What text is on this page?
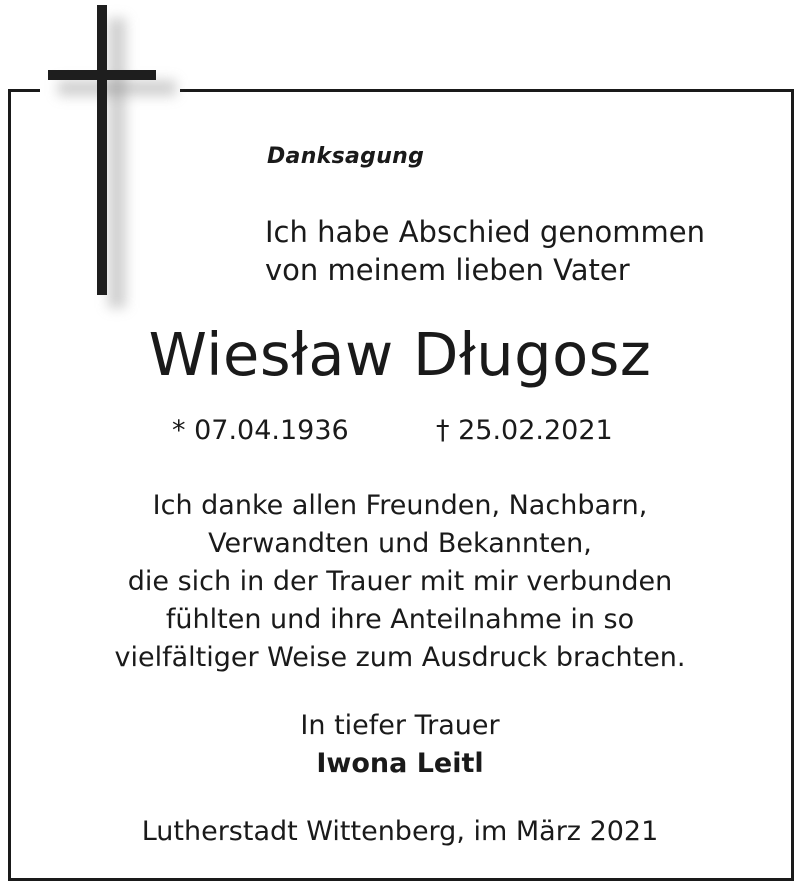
Danksagung
Ich habe Abschied genommen
von meinem lieben Vater
Wiesław Długosz
* 07.04.1936	† 25.02.2021
Ich danke allen Freunden, Nachbarn,
Verwandten und Bekannten,
die sich in der Trauer mit mir verbunden
fühlten und ihre Anteilnahme in so
vielfältiger Weise zum Ausdruck brachten.
In tiefer Trauer
Iwona Leitl
Lutherstadt Wittenberg, im März 2021
